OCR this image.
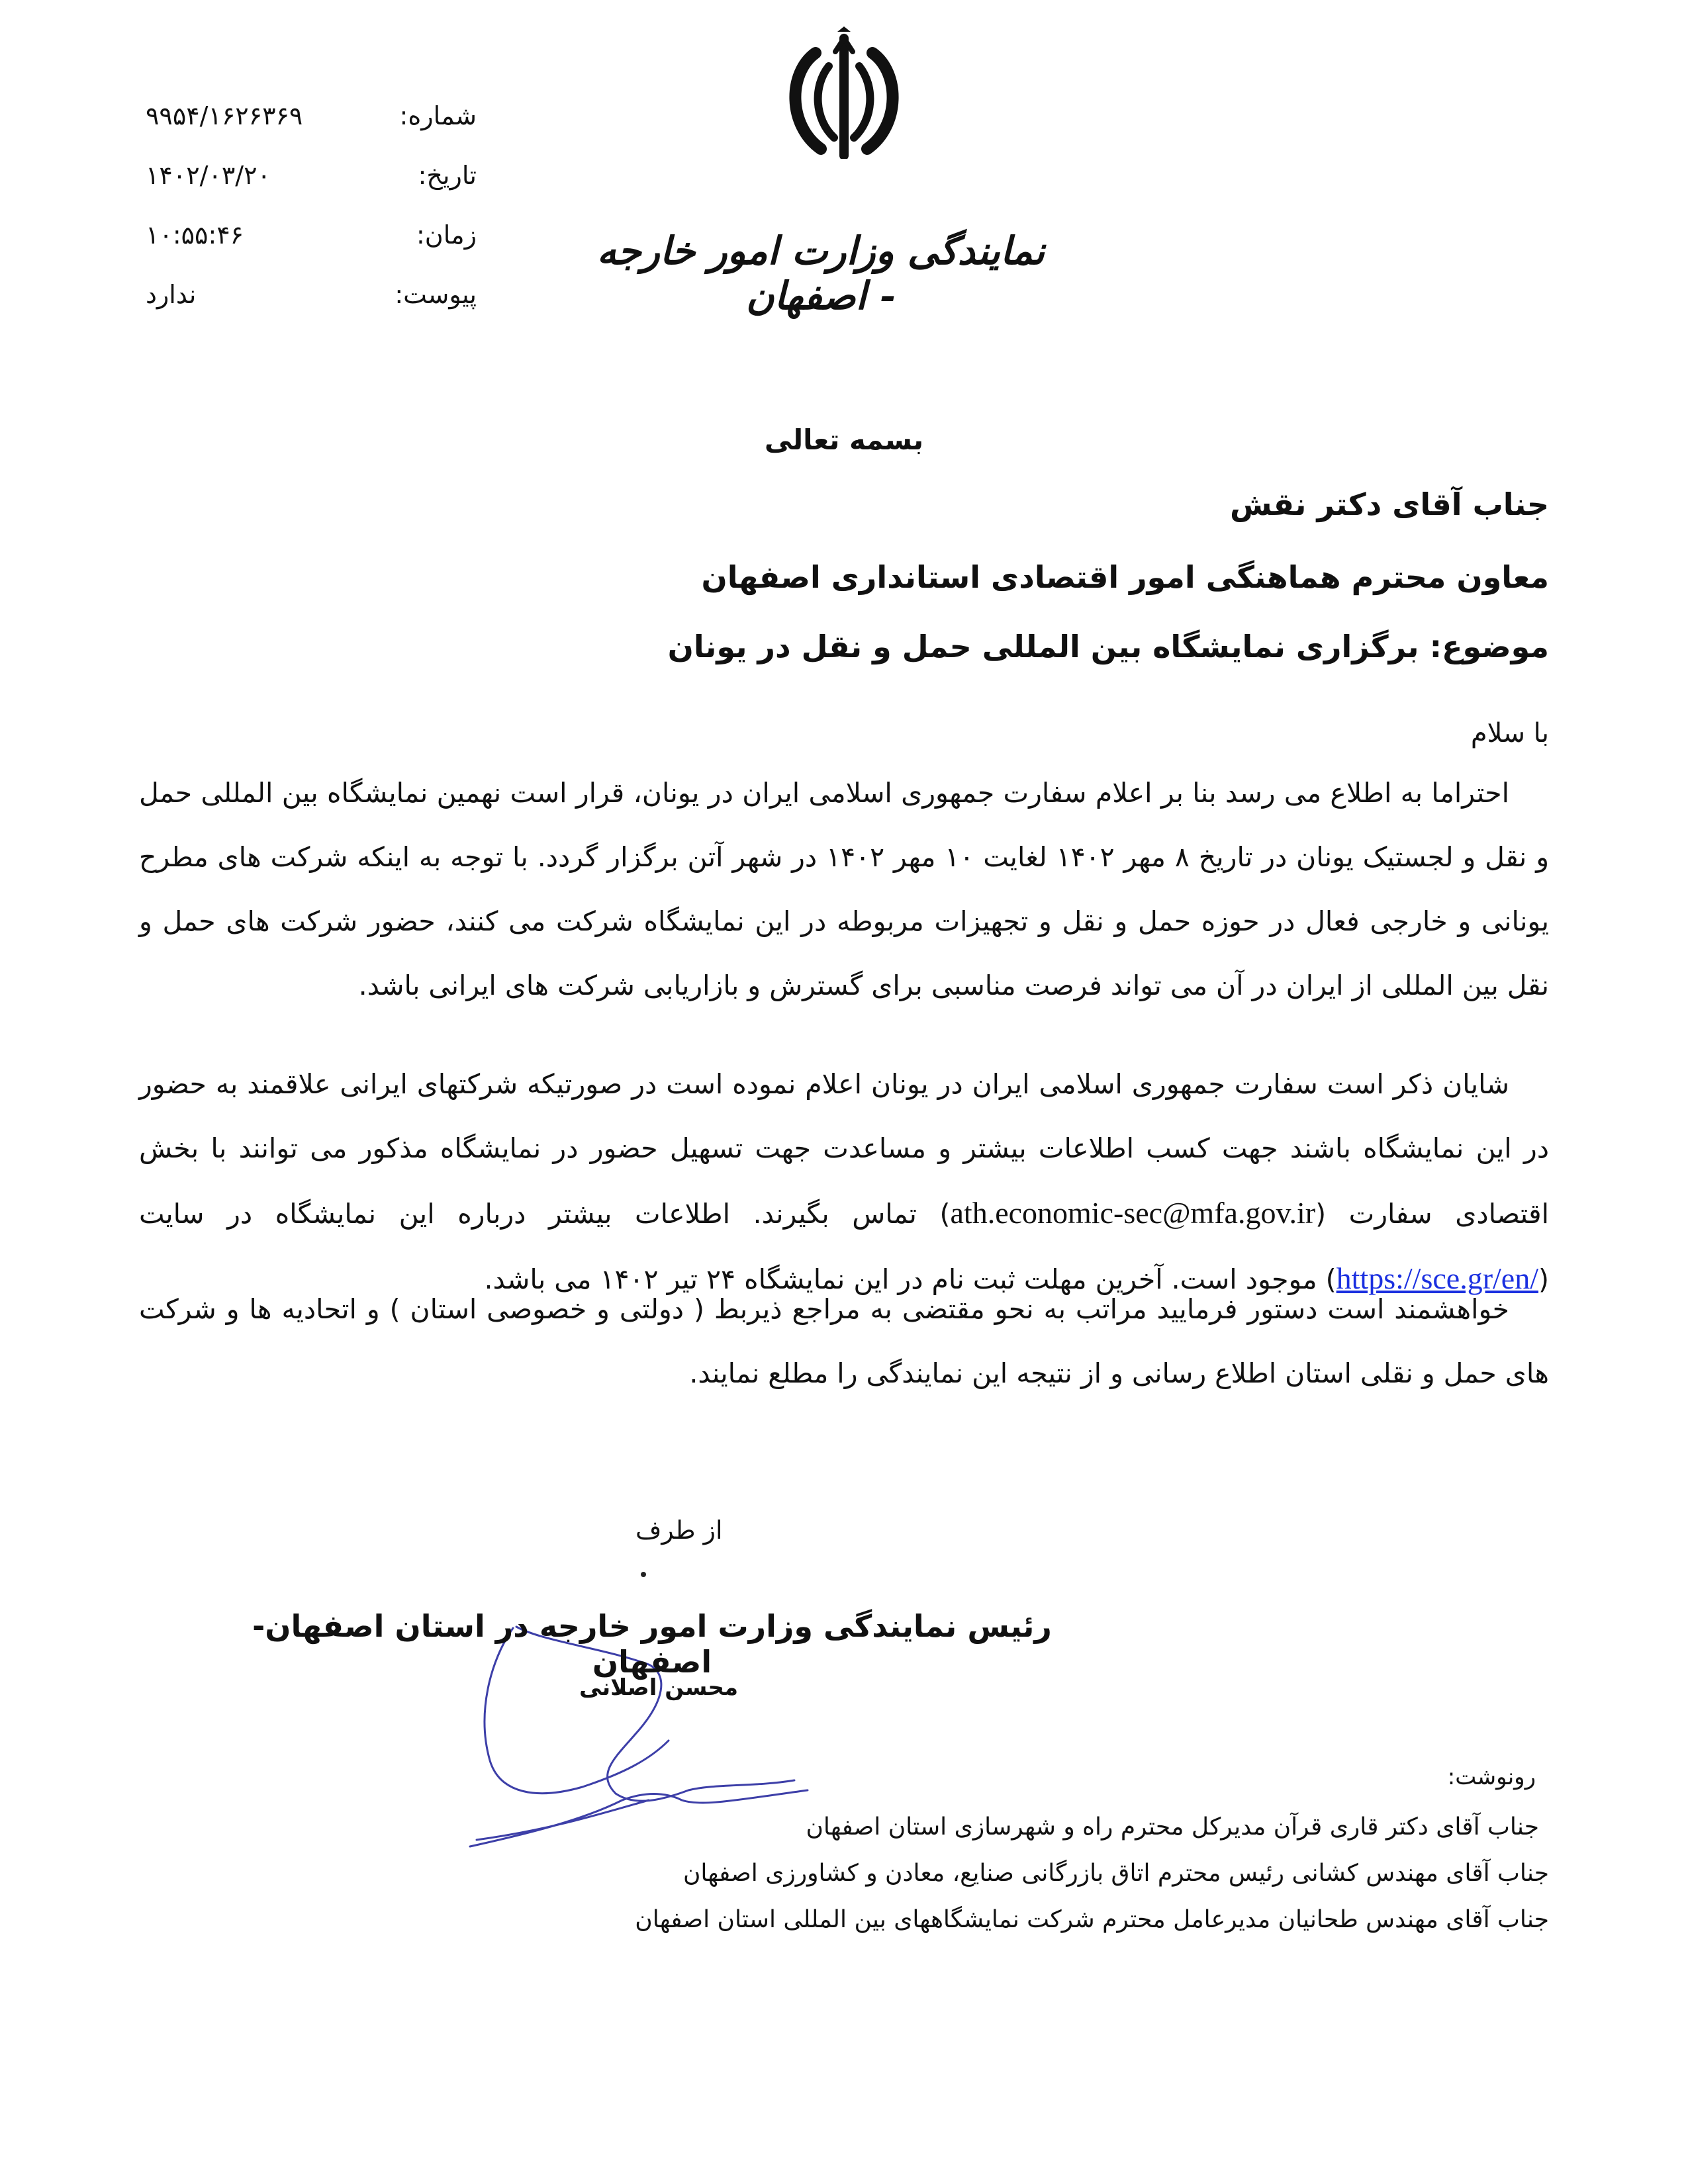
شماره:
۹۹۵۴/۱۶۲۶۳۶۹
تاریخ:
۱۴۰۲/۰۳/۲۰
زمان:
۱۰:۵۵:۴۶
پیوست:
ندارد
نمایندگی وزارت امور خارجه - اصفهان
بسمه تعالی
جناب آقای دکتر نقش
معاون محترم هماهنگی امور اقتصادی استانداری اصفهان
موضوع: برگزاری نمایشگاه بین المللی حمل و نقل در یونان
با سلام
احتراما به اطلاع می رسد بنا بر اعلام سفارت جمهوری اسلامی ایران در یونان، قرار است نهمین نمایشگاه بین المللی حمل و نقل و لجستیک یونان در تاریخ ۸ مهر ۱۴۰۲ لغایت ۱۰ مهر ۱۴۰۲ در شهر آتن برگزار گردد. با توجه به اینکه شرکت های مطرح یونانی و خارجی فعال در حوزه حمل و نقل و تجهیزات مربوطه در این نمایشگاه شرکت می کنند، حضور شرکت های حمل و نقل بین المللی از ایران در آن می تواند فرصت مناسبی برای گسترش و بازاریابی شرکت های ایرانی باشد.
شایان ذکر است سفارت جمهوری اسلامی ایران در یونان اعلام نموده است در صورتیکه شرکتهای ایرانی علاقمند به حضور در این نمایشگاه باشند جهت کسب اطلاعات بیشتر و مساعدت جهت تسهیل حضور در نمایشگاه مذکور می توانند با بخش اقتصادی سفارت (ath.economic-sec@mfa.gov.ir) تماس بگیرند. اطلاعات بیشتر درباره این نمایشگاه در سایت (https://sce.gr/en/) موجود است. آخرین مهلت ثبت نام در این نمایشگاه ۲۴ تیر ۱۴۰۲ می باشد.
خواهشمند است دستور فرمایید مراتب به نحو مقتضی به مراجع ذیربط ( دولتی و خصوصی استان ) و اتحادیه ها و شرکت های حمل و نقلی استان اطلاع رسانی و از نتیجه این نمایندگی را مطلع نمایند.
از طرف
رئیس نمایندگی وزارت امور خارجه در استان اصفهان- اصفهان
محسن اصلانی
رونوشت:
جناب آقای دکتر قاری قرآن مدیرکل محترم راه و شهرسازی استان اصفهان
جناب آقای مهندس کشانی رئیس محترم اتاق بازرگانی صنایع، معادن و کشاورزی اصفهان
جناب آقای مهندس طحانیان مدیرعامل محترم شرکت نمایشگاههای بین المللی استان اصفهان
